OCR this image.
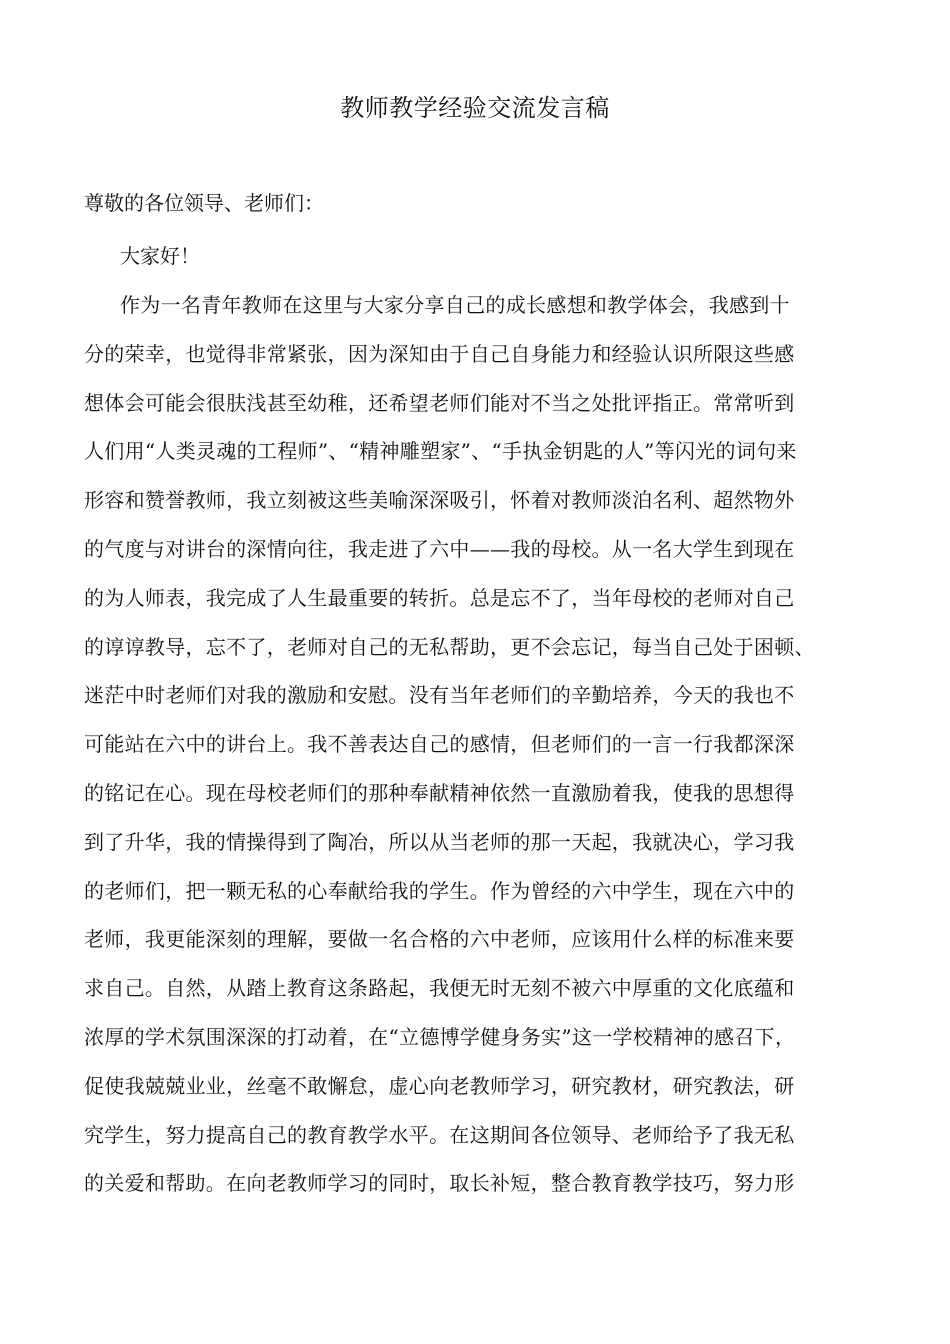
教师教学经验交流发言稿
尊敬的各位领导、老师们：
大家好！
作为一名青年教师在这里与大家分享自己的成长感想和教学体会，我感到十
分的荣幸，也觉得非常紧张，因为深知由于自己自身能力和经验认识所限这些感
想体会可能会很肤浅甚至幼稚，还希望老师们能对不当之处批评指正。常常听到
人们用“人类灵魂的工程师”、“精神雕塑家”、“手执金钥匙的人”等闪光的词句来
形容和赞誉教师，我立刻被这些美喻深深吸引，怀着对教师淡泊名利、超然物外
的气度与对讲台的深情向往，我走进了六中——我的母校。从一名大学生到现在
的为人师表，我完成了人生最重要的转折。总是忘不了，当年母校的老师对自己
的谆谆教导，忘不了，老师对自己的无私帮助，更不会忘记，每当自己处于困顿、
迷茫中时老师们对我的激励和安慰。没有当年老师们的辛勤培养，今天的我也不
可能站在六中的讲台上。我不善表达自己的感情，但老师们的一言一行我都深深
的铭记在心。现在母校老师们的那种奉献精神依然一直激励着我，使我的思想得
到了升华，我的情操得到了陶冶，所以从当老师的那一天起，我就决心，学习我
的老师们，把一颗无私的心奉献给我的学生。作为曾经的六中学生，现在六中的
老师，我更能深刻的理解，要做一名合格的六中老师，应该用什么样的标准来要
求自己。自然，从踏上教育这条路起，我便无时无刻不被六中厚重的文化底蕴和
浓厚的学术氛围深深的打动着，在“立德博学健身务实”这一学校精神的感召下，
促使我兢兢业业，丝毫不敢懈怠，虚心向老教师学习，研究教材，研究教法，研
究学生，努力提高自己的教育教学水平。在这期间各位领导、老师给予了我无私
的关爱和帮助。在向老教师学习的同时，取长补短，整合教育教学技巧，努力形
